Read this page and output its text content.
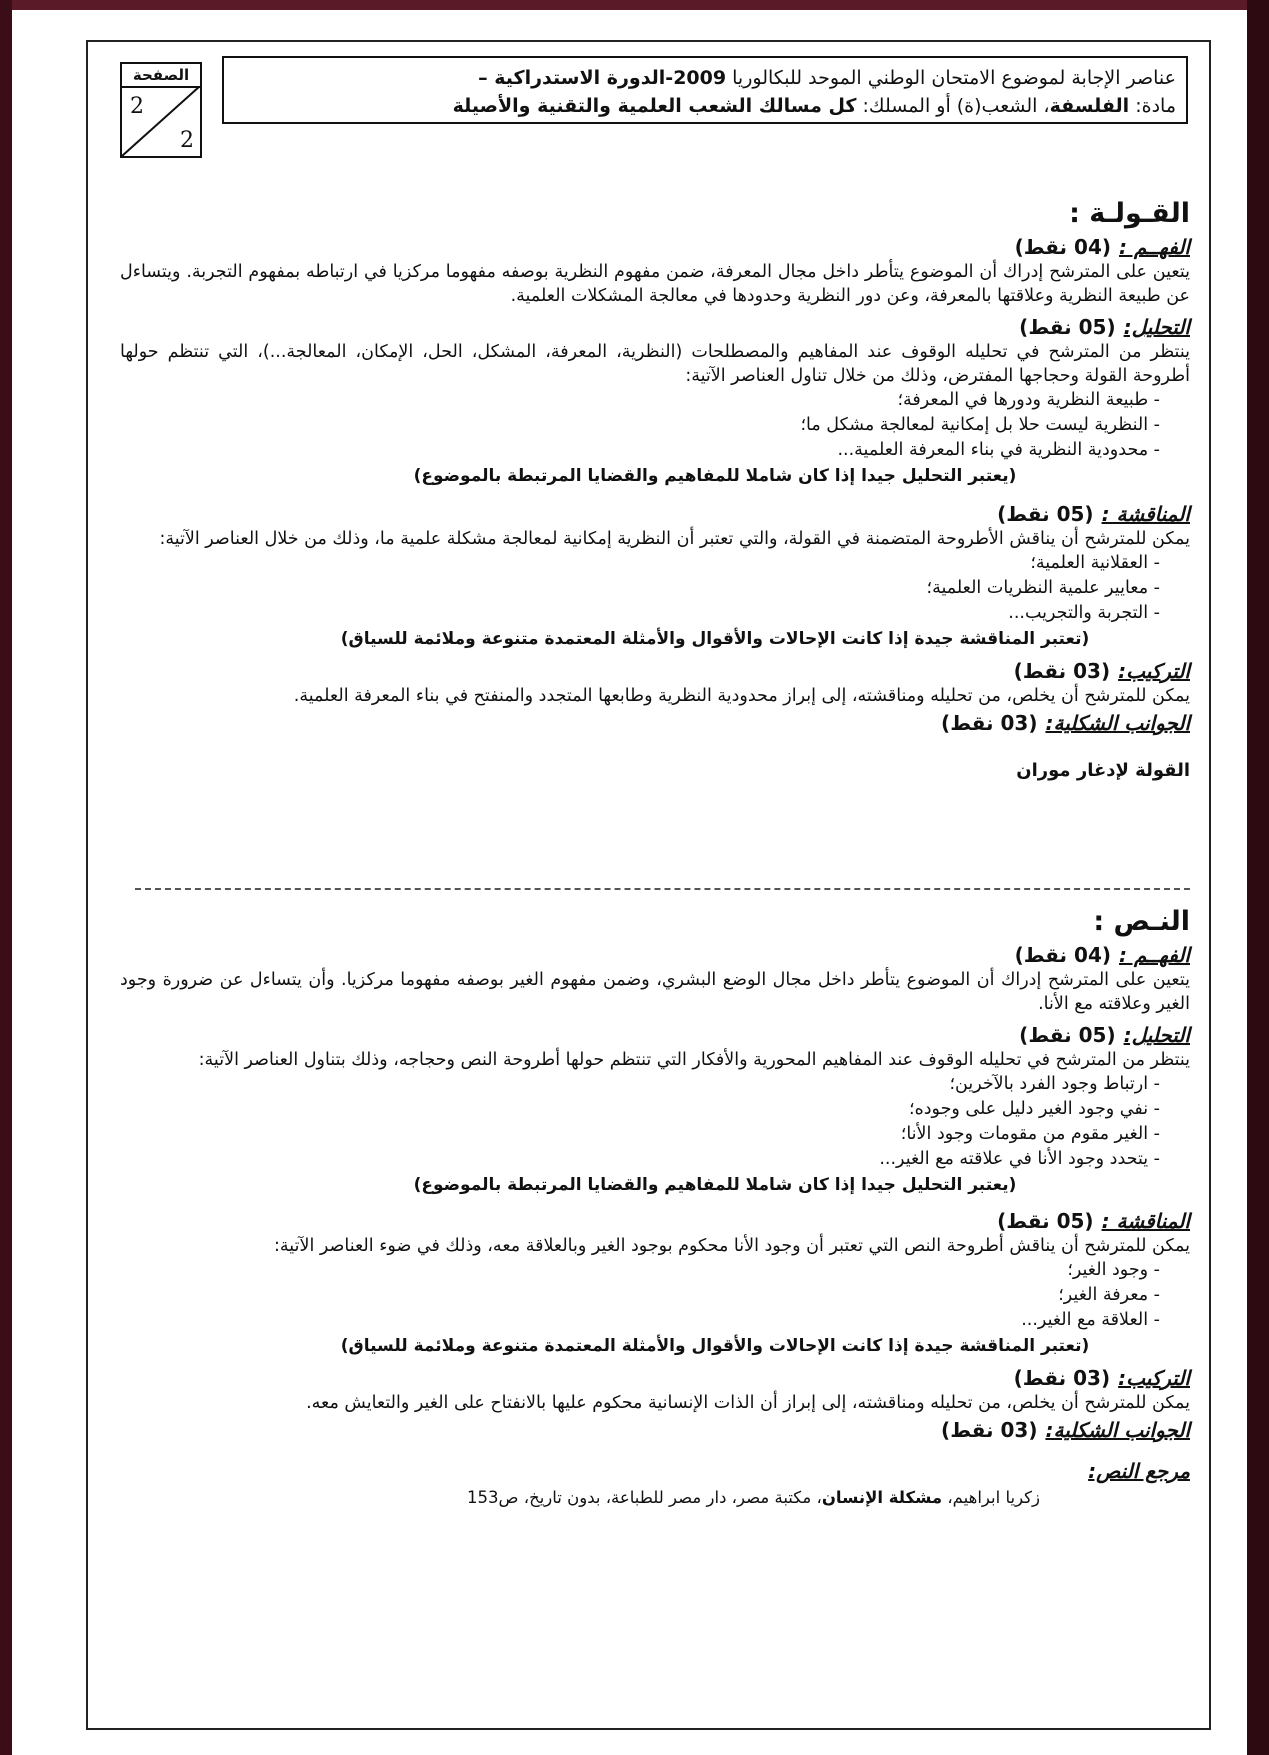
الصفحة
2
2
عناصر الإجابة لموضوع الامتحان الوطني الموحد للبكالوريا 2009-الدورة الاستدراكية –
مادة: الفلسفة، الشعب(ة) أو المسلك: كل مسالك الشعب العلمية والتقنية والأصيلة
القـولـة :
الفهــم :(04 نقط)
يتعين على المترشح إدراك أن الموضوع يتأطر داخل مجال المعرفة، ضمن مفهوم النظرية بوصفه مفهوما مركزيا في ارتباطه بمفهوم التجربة. ويتساءل عن طبيعة النظرية وعلاقتها بالمعرفة، وعن دور النظرية وحدودها في معالجة المشكلات العلمية.
التحليل:(05 نقط)
ينتظر من المترشح في تحليله الوقوف عند المفاهيم والمصطلحات (النظرية، المعرفة، المشكل، الحل، الإمكان، المعالجة...)، التي تنتظم حولها أطروحة القولة وحجاجها المفترض، وذلك من خلال تناول العناصر الآتية:
- طبيعة النظرية ودورها في المعرفة؛
- النظرية ليست حلا بل إمكانية لمعالجة مشكل ما؛
- محدودية النظرية في بناء المعرفة العلمية...
(يعتبر التحليل جيدا إذا كان شاملا للمفاهيم والقضايا المرتبطة بالموضوع)
المناقشة :(05 نقط)
يمكن للمترشح أن يناقش الأطروحة المتضمنة في القولة، والتي تعتبر أن النظرية إمكانية لمعالجة مشكلة علمية ما، وذلك من خلال العناصر الآتية:
- العقلانية العلمية؛
- معايير علمية النظريات العلمية؛
- التجربة والتجريب...
(تعتبر المناقشة جيدة إذا كانت الإحالات والأقوال والأمثلة المعتمدة متنوعة وملائمة للسياق)
التركيب:(03 نقط)
يمكن للمترشح أن يخلص، من تحليله ومناقشته، إلى إبراز محدودية النظرية وطابعها المتجدد والمنفتح في بناء المعرفة العلمية.
الجوانب الشكلية:(03 نقط)
القولة لإدغار موران
النـص :
الفهــم :(04 نقط)
يتعين على المترشح إدراك أن الموضوع يتأطر داخل مجال الوضع البشري، وضمن مفهوم الغير بوصفه مفهوما مركزيا. وأن يتساءل عن ضرورة وجود الغير وعلاقته مع الأنا.
التحليل:(05 نقط)
ينتظر من المترشح في تحليله الوقوف عند المفاهيم المحورية والأفكار التي تنتظم حولها أطروحة النص وحجاجه، وذلك بتناول العناصر الآتية:
- ارتباط وجود الفرد بالآخرين؛
- نفي وجود الغير دليل على وجوده؛
- الغير مقوم من مقومات وجود الأنا؛
- يتحدد وجود الأنا في علاقته مع الغير...
(يعتبر التحليل جيدا إذا كان شاملا للمفاهيم والقضايا المرتبطة بالموضوع)
المناقشة :(05 نقط)
يمكن للمترشح أن يناقش أطروحة النص التي تعتبر أن وجود الأنا محكوم بوجود الغير وبالعلاقة معه، وذلك في ضوء العناصر الآتية:
- وجود الغير؛
- معرفة الغير؛
- العلاقة مع الغير...
(تعتبر المناقشة جيدة إذا كانت الإحالات والأقوال والأمثلة المعتمدة متنوعة وملائمة للسياق)
التركيب:(03 نقط)
يمكن للمترشح أن يخلص، من تحليله ومناقشته، إلى إبراز أن الذات الإنسانية محكوم عليها بالانفتاح على الغير والتعايش معه.
الجوانب الشكلية:(03 نقط)
مرجع النص:
زكريا ابراهيم، مشكلة الإنسان، مكتبة مصر، دار مصر للطباعة، بدون تاريخ، ص153
